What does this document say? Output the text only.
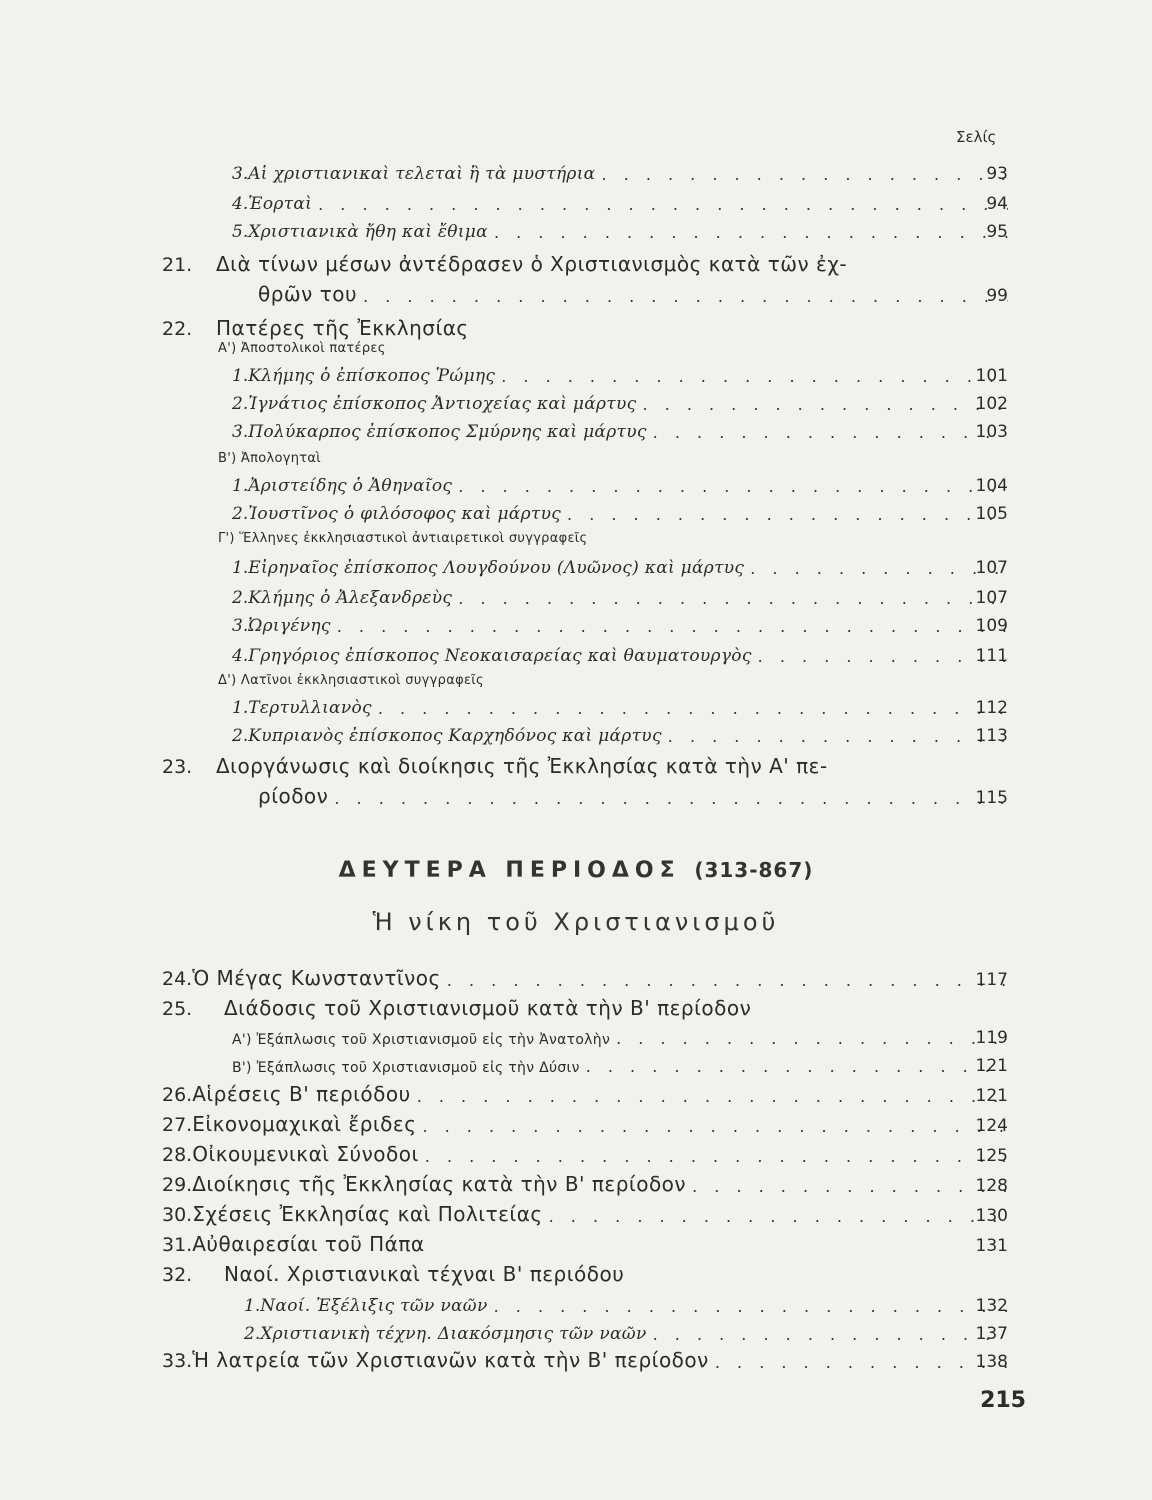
Σελίς
3. Αἱ χριστιανικαὶ τελεταὶ ἢ τὰ μυστήρια . . .	93
4. Ἑορταὶ . . .	94
5. Χριστιανικὰ ἤθη καὶ ἔθιμα . . .	95
21.	Διὰ τίνων μέσων ἀντέδρασεν ὁ Χριστιανισμὸς κατὰ τῶν ἐχ-
θρῶν του . . .	99
22.	Πατέρες τῆς Ἐκκλησίας
Α') Ἀποστολικοὶ πατέρες
1. Κλήμης ὁ ἐπίσκοπος Ῥώμης . . .	101
2. Ἰγνάτιος ἐπίσκοπος Ἀντιοχείας καὶ μάρτυς . . .	102
3. Πολύκαρπος ἐπίσκοπος Σμύρνης καὶ μάρτυς . . .	103
Β') Ἀπολογηταὶ
1. Ἀριστείδης ὁ Ἀθηναῖος . . .	104
2. Ἰουστῖνος ὁ φιλόσοφος καὶ μάρτυς . . .	105
Γ') Ἕλληνες ἐκκλησιαστικοὶ ἀντιαιρετικοὶ συγγραφεῖς
1. Εἰρηναῖος ἐπίσκοπος Λουγδούνου (Λυῶνος) καὶ μάρτυς . . .	107
2. Κλήμης ὁ Ἀλεξανδρεὺς . . .	107
3. Ὠριγένης . . .	109
4. Γρηγόριος ἐπίσκοπος Νεοκαισαρείας καὶ θαυματουργὸς . . .	111
Δ') Λατῖνοι ἐκκλησιαστικοὶ συγγραφεῖς
1. Τερτυλλιανὸς . . .	112
2. Κυπριανὸς ἐπίσκοπος Καρχηδόνος καὶ μάρτυς . . .	113
23.	Διοργάνωσις καὶ διοίκησις τῆς Ἐκκλησίας κατὰ τὴν Α' πε-
ρίοδον . . .	115
ΔΕΥΤΕΡΑ ΠΕΡΙΟΔΟΣ (313-867)
Ἡ νίκη τοῦ Χριστιανισμοῦ
24. Ὁ Μέγας Κωνσταντῖνος . . .	117
25.	Διάδοσις τοῦ Χριστιανισμοῦ κατὰ τὴν Β' περίοδον
Α') Ἐξάπλωσις τοῦ Χριστιανισμοῦ εἰς τὴν Ἀνατολὴν . . .	119
Β') Ἐξάπλωσις τοῦ Χριστιανισμοῦ εἰς τὴν Δύσιν . . .	121
26. Αἱρέσεις Β' περιόδου . . .	121
27. Εἰκονομαχικαὶ ἔριδες . . .	124
28. Οἰκουμενικαὶ Σύνοδοι . . .	125
29. Διοίκησις τῆς Ἐκκλησίας κατὰ τὴν Β' περίοδον . . .	128
30. Σχέσεις Ἐκκλησίας καὶ Πολιτείας . . .	130
31. Αὐθαιρεσίαι τοῦ Πάπα	131
32.	Ναοί. Χριστιανικαὶ τέχναι Β' περιόδου
1. Ναοί. Ἐξέλιξις τῶν ναῶν . . .	132
2. Χριστιανικὴ τέχνη. Διακόσμησις τῶν ναῶν . . .	137
33. Ἡ λατρεία τῶν Χριστιανῶν κατὰ τὴν Β' περίοδον . . .	138
215
